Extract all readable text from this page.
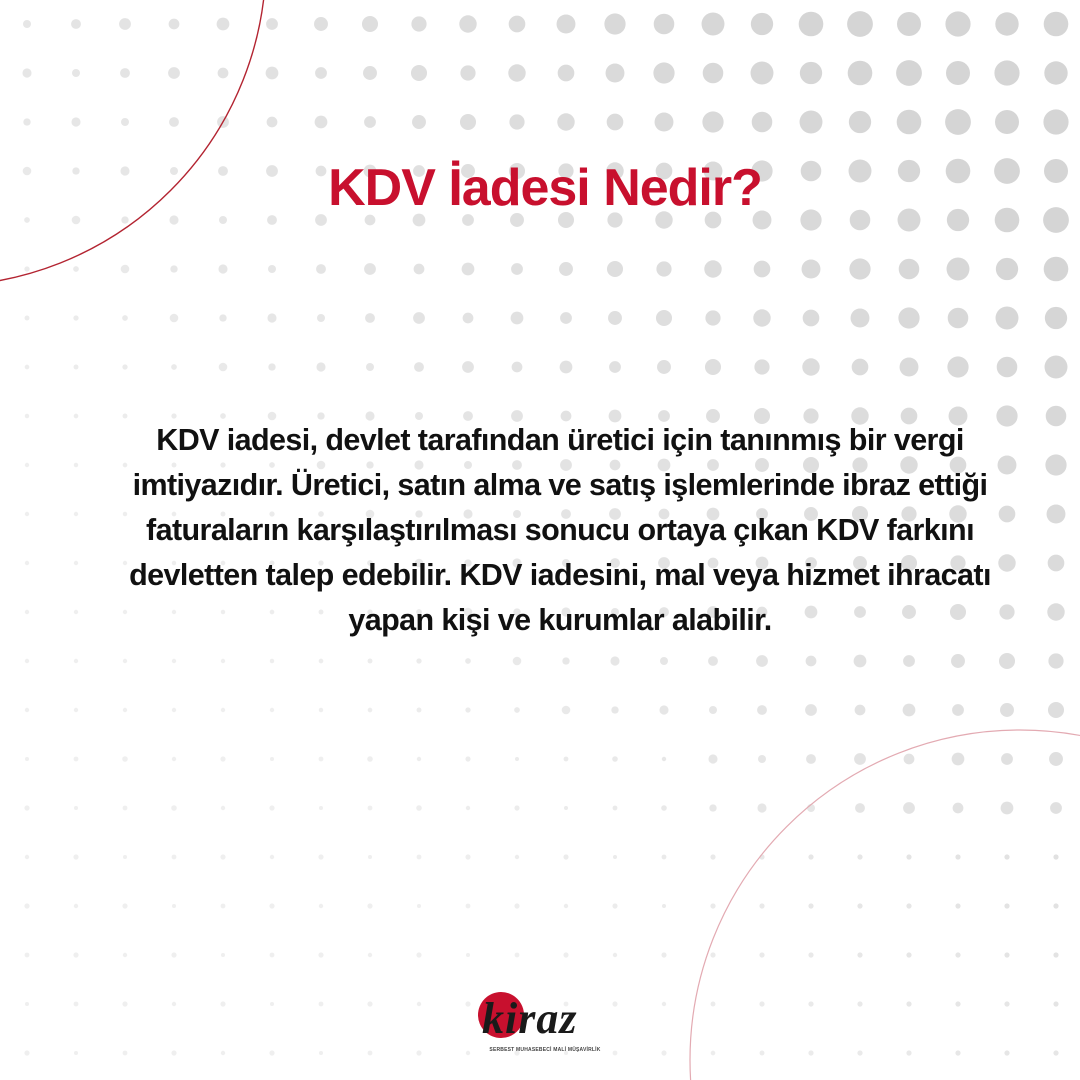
KDV İadesi Nedir?

KDV iadesi, devlet tarafından üretici için tanınmış bir vergi imtiyazıdır. Üretici, satın alma ve satış işlemlerinde ibraz ettiği faturaların karşılaştırılması sonucu ortaya çıkan KDV farkını devletten talep edebilir. KDV iadesini, mal veya hizmet ihracatı yapan kişi ve kurumlar alabilir.

kiraz
SERBEST MUHASEBECİ MALİ MÜŞAVİRLİK
